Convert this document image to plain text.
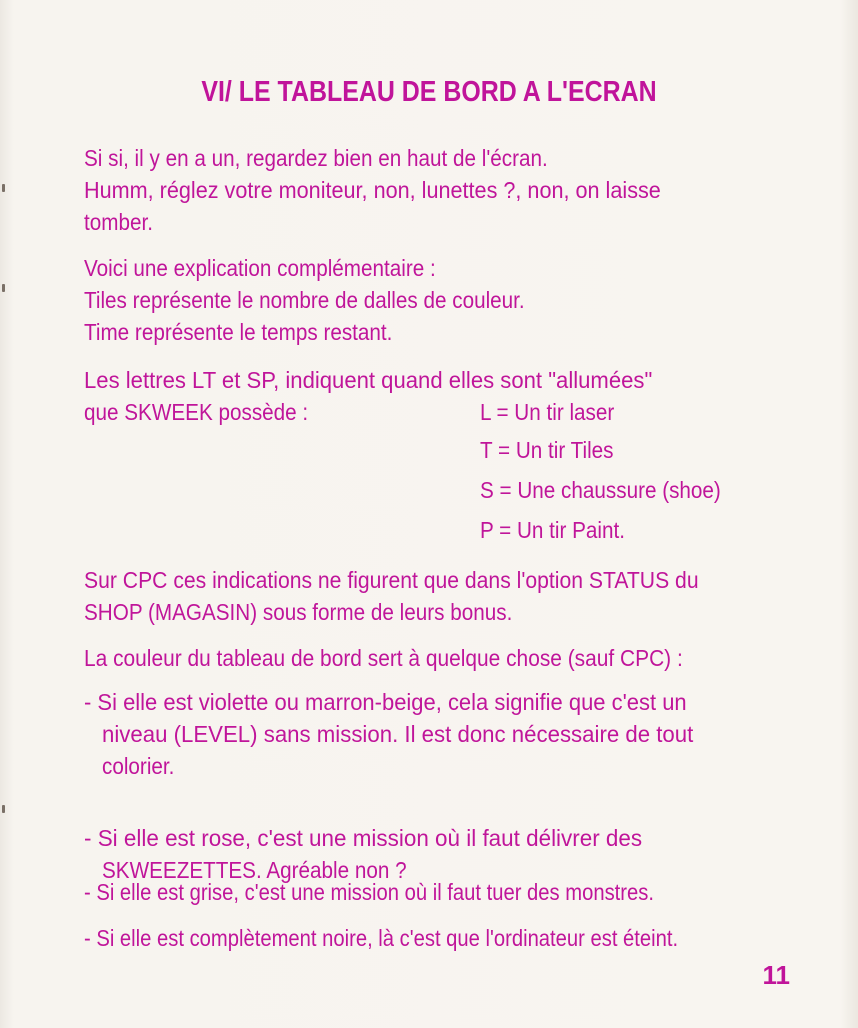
VI/ LE TABLEAU DE BORD A L'ECRAN
Si si, il y en a un, regardez bien en haut de l'écran.
Humm, réglez votre moniteur, non, lunettes ?, non, on laisse
tomber.
Voici une explication complémentaire :
Tiles représente le nombre de dalles de couleur.
Time représente le temps restant.
Les lettres LT et SP, indiquent quand elles sont "allumées"
que SKWEEK possède :	L = Un tir laser
T = Un tir Tiles
S = Une chaussure (shoe)
P = Un tir Paint.
Sur CPC ces indications ne figurent que dans l'option STATUS du
SHOP (MAGASIN) sous forme de leurs bonus.
La couleur du tableau de bord sert à quelque chose (sauf CPC) :
- Si elle est violette ou marron-beige, cela signifie que c'est un
niveau (LEVEL) sans mission. Il est donc nécessaire de tout
colorier.
- Si elle est rose, c'est une mission où il faut délivrer des
SKWEEZETTES. Agréable non ?
- Si elle est grise, c'est une mission où il faut tuer des monstres.
- Si elle est complètement noire, là c'est que l'ordinateur est éteint.
11
